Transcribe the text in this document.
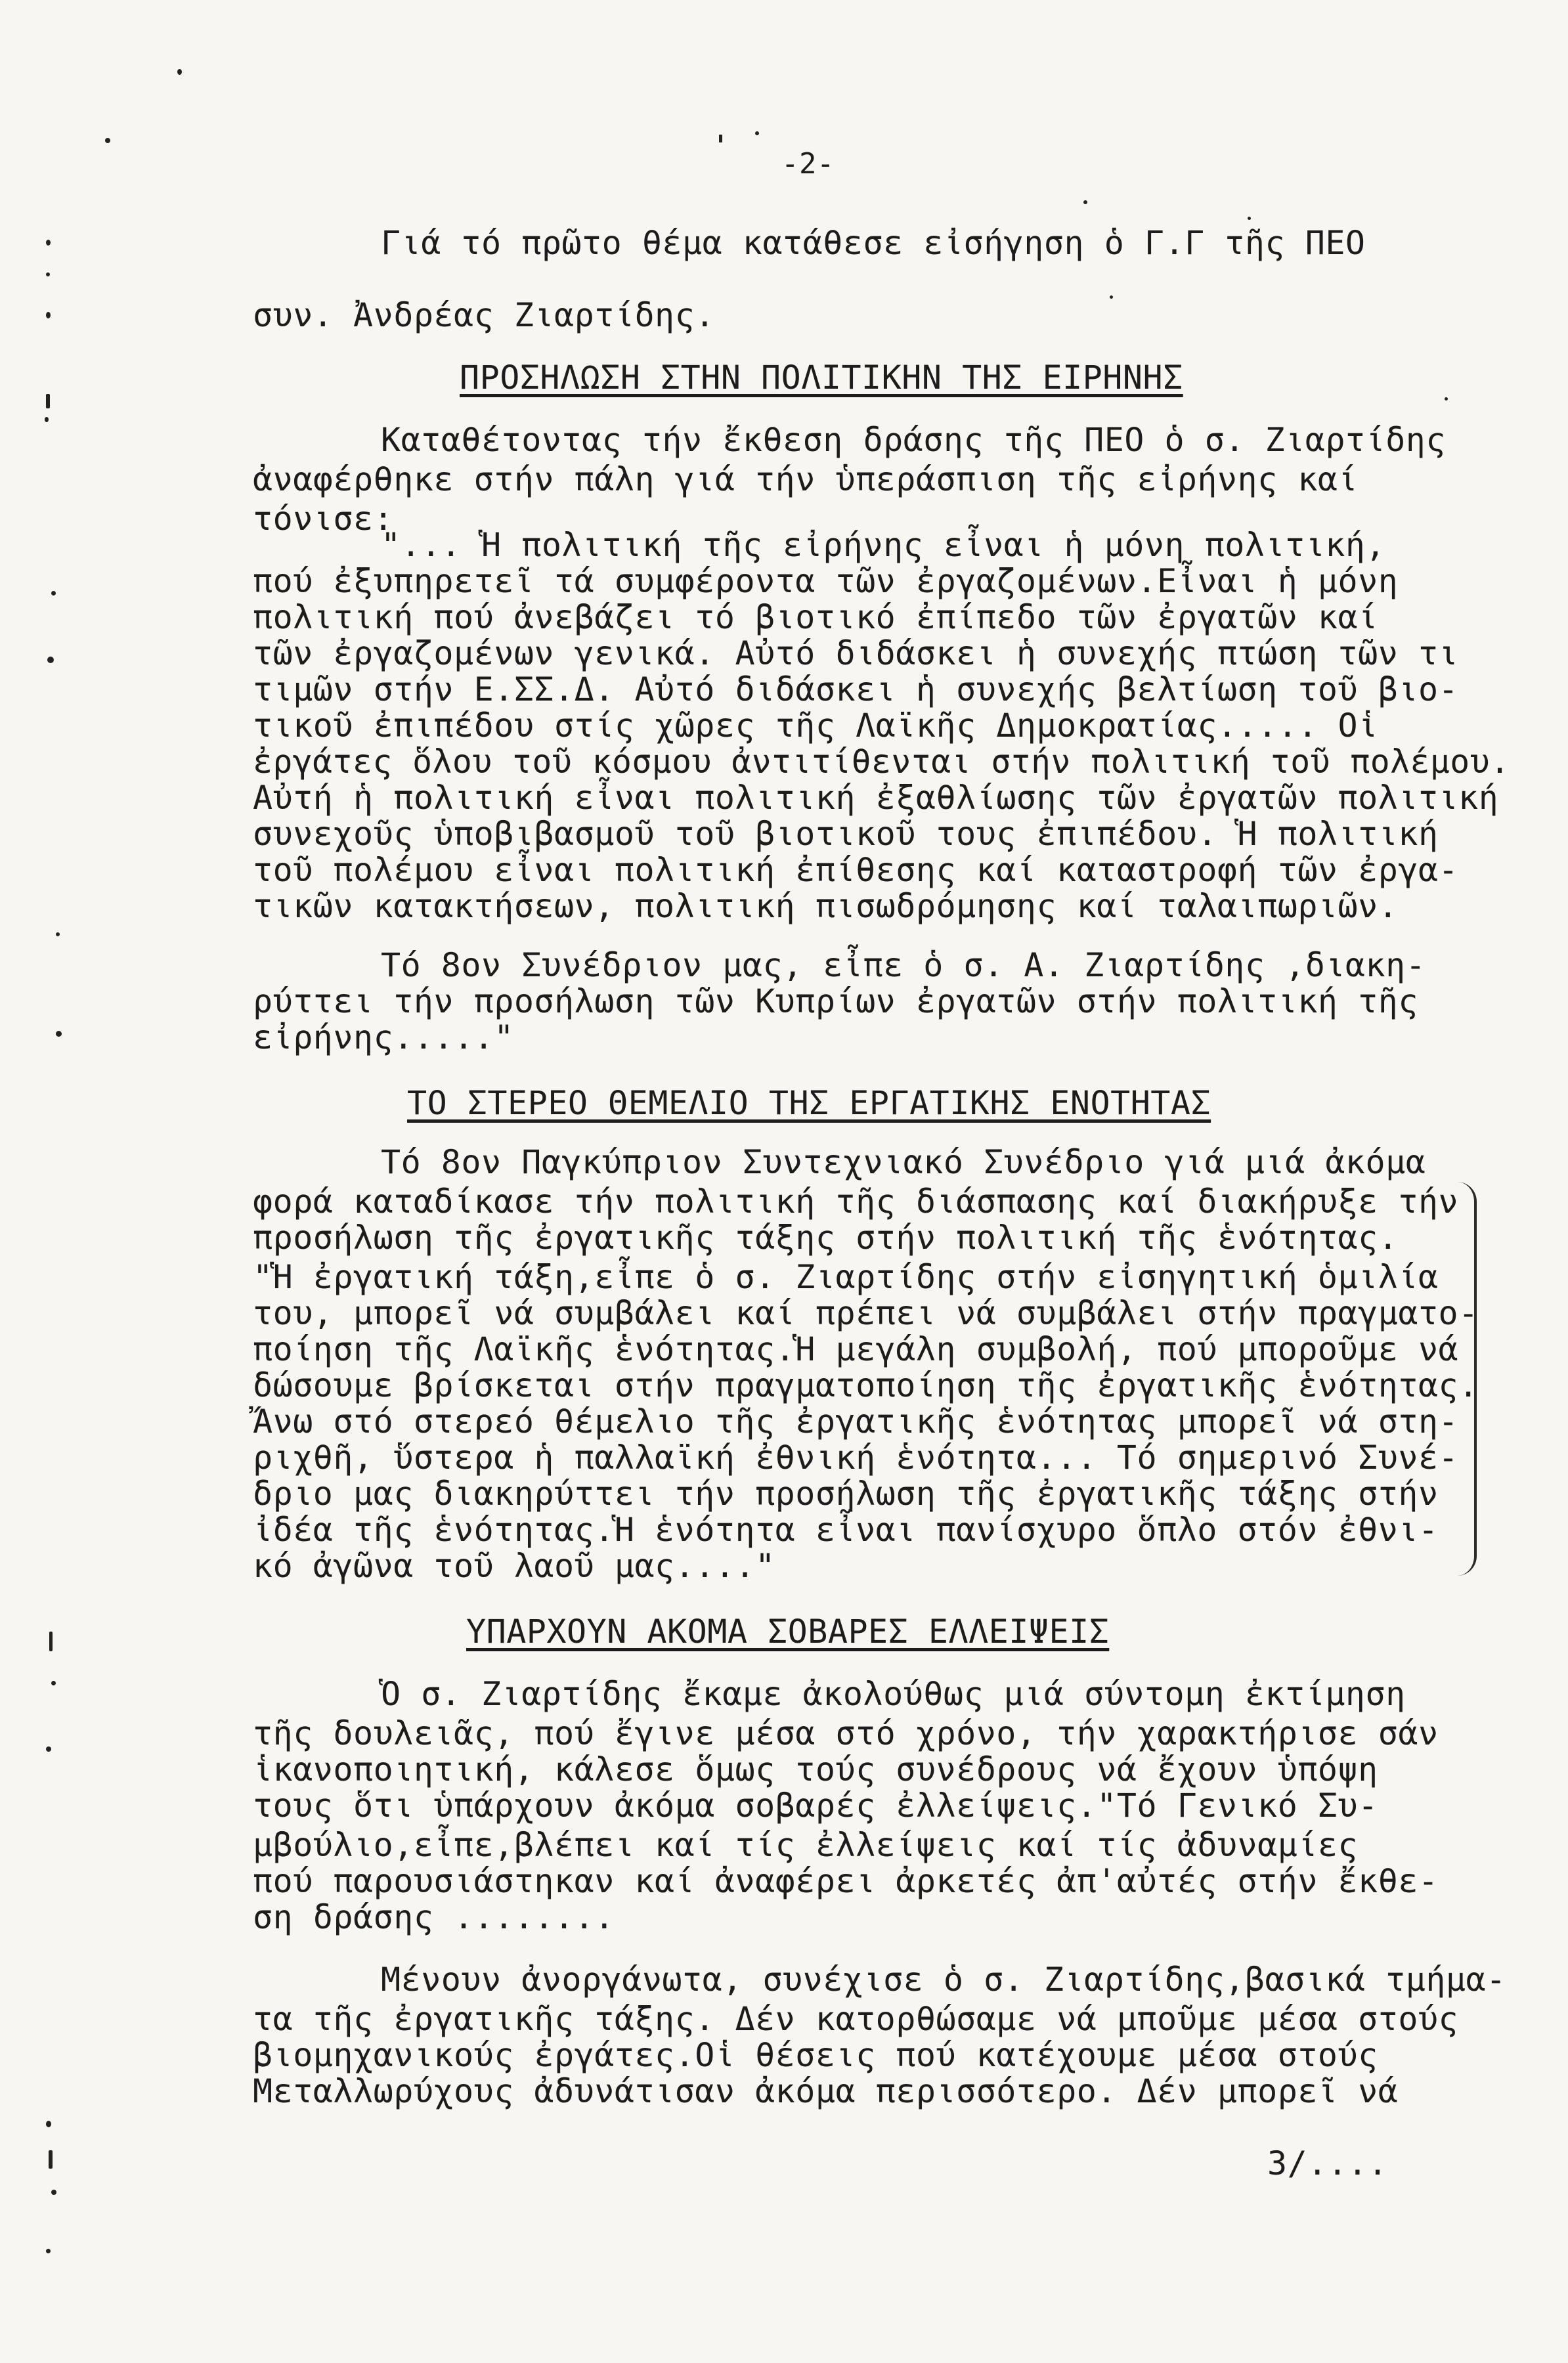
-2-
Γιά τό πρῶτο θέμα κατάθεσε εἰσήγηση ὁ Γ.Γ τῆς ΠΕΟ
συν. Ἀνδρέας Ζιαρτίδης.
ΠΡΟΣΗΛΩΣΗ ΣΤΗΝ ΠΟΛΙΤΙΚΗΝ ΤΗΣ ΕΙΡΗΝΗΣ
Καταθέτοντας τήν ἔκθεση δράσης τῆς ΠΕΟ ὁ σ. Ζιαρτίδης
ἀναφέρθηκε στήν πάλη γιά τήν ὑπεράσπιση τῆς εἰρήνης καί
τόνισε:
"... Ἡ πολιτική τῆς εἰρήνης εἶναι ἡ μόνη πολιτική,
πού ἐξυπηρετεῖ τά συμφέροντα τῶν ἐργαζομένων.Εἶναι ἡ μόνη
πολιτική πού ἀνεβάζει τό βιοτικό ἐπίπεδο τῶν ἐργατῶν καί
τῶν ἐργαζομένων γενικά. Αὐτό διδάσκει ἡ συνεχής πτώση τῶν τι
τιμῶν στήν Ε.ΣΣ.Δ. Αὐτό διδάσκει ἡ συνεχής βελτίωση τοῦ βιο-
τικοῦ ἐπιπέδου στίς χῶρες τῆς Λαϊκῆς Δημοκρατίας..... Οἱ
ἐργάτες ὅλου τοῦ κόσμου ἀντιτίθενται στήν πολιτική τοῦ πολέμου.
Αὐτή ἡ πολιτική εἶναι πολιτική ἐξαθλίωσης τῶν ἐργατῶν πολιτική
συνεχοῦς ὑποβιβασμοῦ τοῦ βιοτικοῦ τους ἐπιπέδου. Ἡ πολιτική
τοῦ πολέμου εἶναι πολιτική ἐπίθεσης καί καταστροφή τῶν ἐργα-
τικῶν κατακτήσεων, πολιτική πισωδρόμησης καί ταλαιπωριῶν.
Τό 8ον Συνέδριον μας, εἶπε ὁ σ. Α. Ζιαρτίδης ,διακη-
ρύττει τήν προσήλωση τῶν Κυπρίων ἐργατῶν στήν πολιτική τῆς
εἰρήνης....."
ΤΟ ΣΤΕΡΕΟ ΘΕΜΕΛΙΟ ΤΗΣ ΕΡΓΑΤΙΚΗΣ ΕΝΟΤΗΤΑΣ
Τό 8ον Παγκύπριον Συντεχνιακό Συνέδριο γιά μιά ἀκόμα
φορά καταδίκασε τήν πολιτική τῆς διάσπασης καί διακήρυξε τήν
προσήλωση τῆς ἐργατικῆς τάξης στήν πολιτική τῆς ἑνότητας.
"Ἡ ἐργατική τάξη,εἶπε ὁ σ. Ζιαρτίδης στήν εἰσηγητική ὁμιλία
του, μπορεῖ νά συμβάλει καί πρέπει νά συμβάλει στήν πραγματο-
ποίηση τῆς Λαϊκῆς ἑνότητας.Ἡ μεγάλη συμβολή, πού μποροῦμε νά
δώσουμε βρίσκεται στήν πραγματοποίηση τῆς ἐργατικῆς ἑνότητας.
Ἄνω στό στερεό θέμελιο τῆς ἐργατικῆς ἑνότητας μπορεῖ νά στη-
ριχθῆ, ὕστερα ἡ παλλαϊκή ἐθνική ἑνότητα... Τό σημερινό Συνέ-
δριο μας διακηρύττει τήν προσήλωση τῆς ἐργατικῆς τάξης στήν
ἰδέα τῆς ἑνότητας.Ἡ ἑνότητα εἶναι πανίσχυρο ὅπλο στόν ἐθνι-
κό ἀγῶνα τοῦ λαοῦ μας...."
ΥΠΑΡΧΟΥΝ ΑΚΟΜΑ ΣΟΒΑΡΕΣ ΕΛΛΕΙΨΕΙΣ
Ὁ σ. Ζιαρτίδης ἔκαμε ἀκολούθως μιά σύντομη ἐκτίμηση
τῆς δουλειᾶς, πού ἔγινε μέσα στό χρόνο, τήν χαρακτήρισε σάν
ἱκανοποιητική, κάλεσε ὅμως τούς συνέδρους νά ἔχουν ὑπόψη
τους ὅτι ὑπάρχουν ἀκόμα σοβαρές ἐλλείψεις."Τό Γενικό Συ-
μβούλιο,εἶπε,βλέπει καί τίς ἐλλείψεις καί τίς ἀδυναμίες
πού παρουσιάστηκαν καί ἀναφέρει ἀρκετές ἀπ'αὐτές στήν ἔκθε-
ση δράσης ........
Μένουν ἀνοργάνωτα, συνέχισε ὁ σ. Ζιαρτίδης,βασικά τμήμα-
τα τῆς ἐργατικῆς τάξης. Δέν κατορθώσαμε νά μποῦμε μέσα στούς
βιομηχανικούς ἐργάτες.Οἱ θέσεις πού κατέχουμε μέσα στούς
Μεταλλωρύχους ἀδυνάτισαν ἀκόμα περισσότερο. Δέν μπορεῖ νά
3/....
